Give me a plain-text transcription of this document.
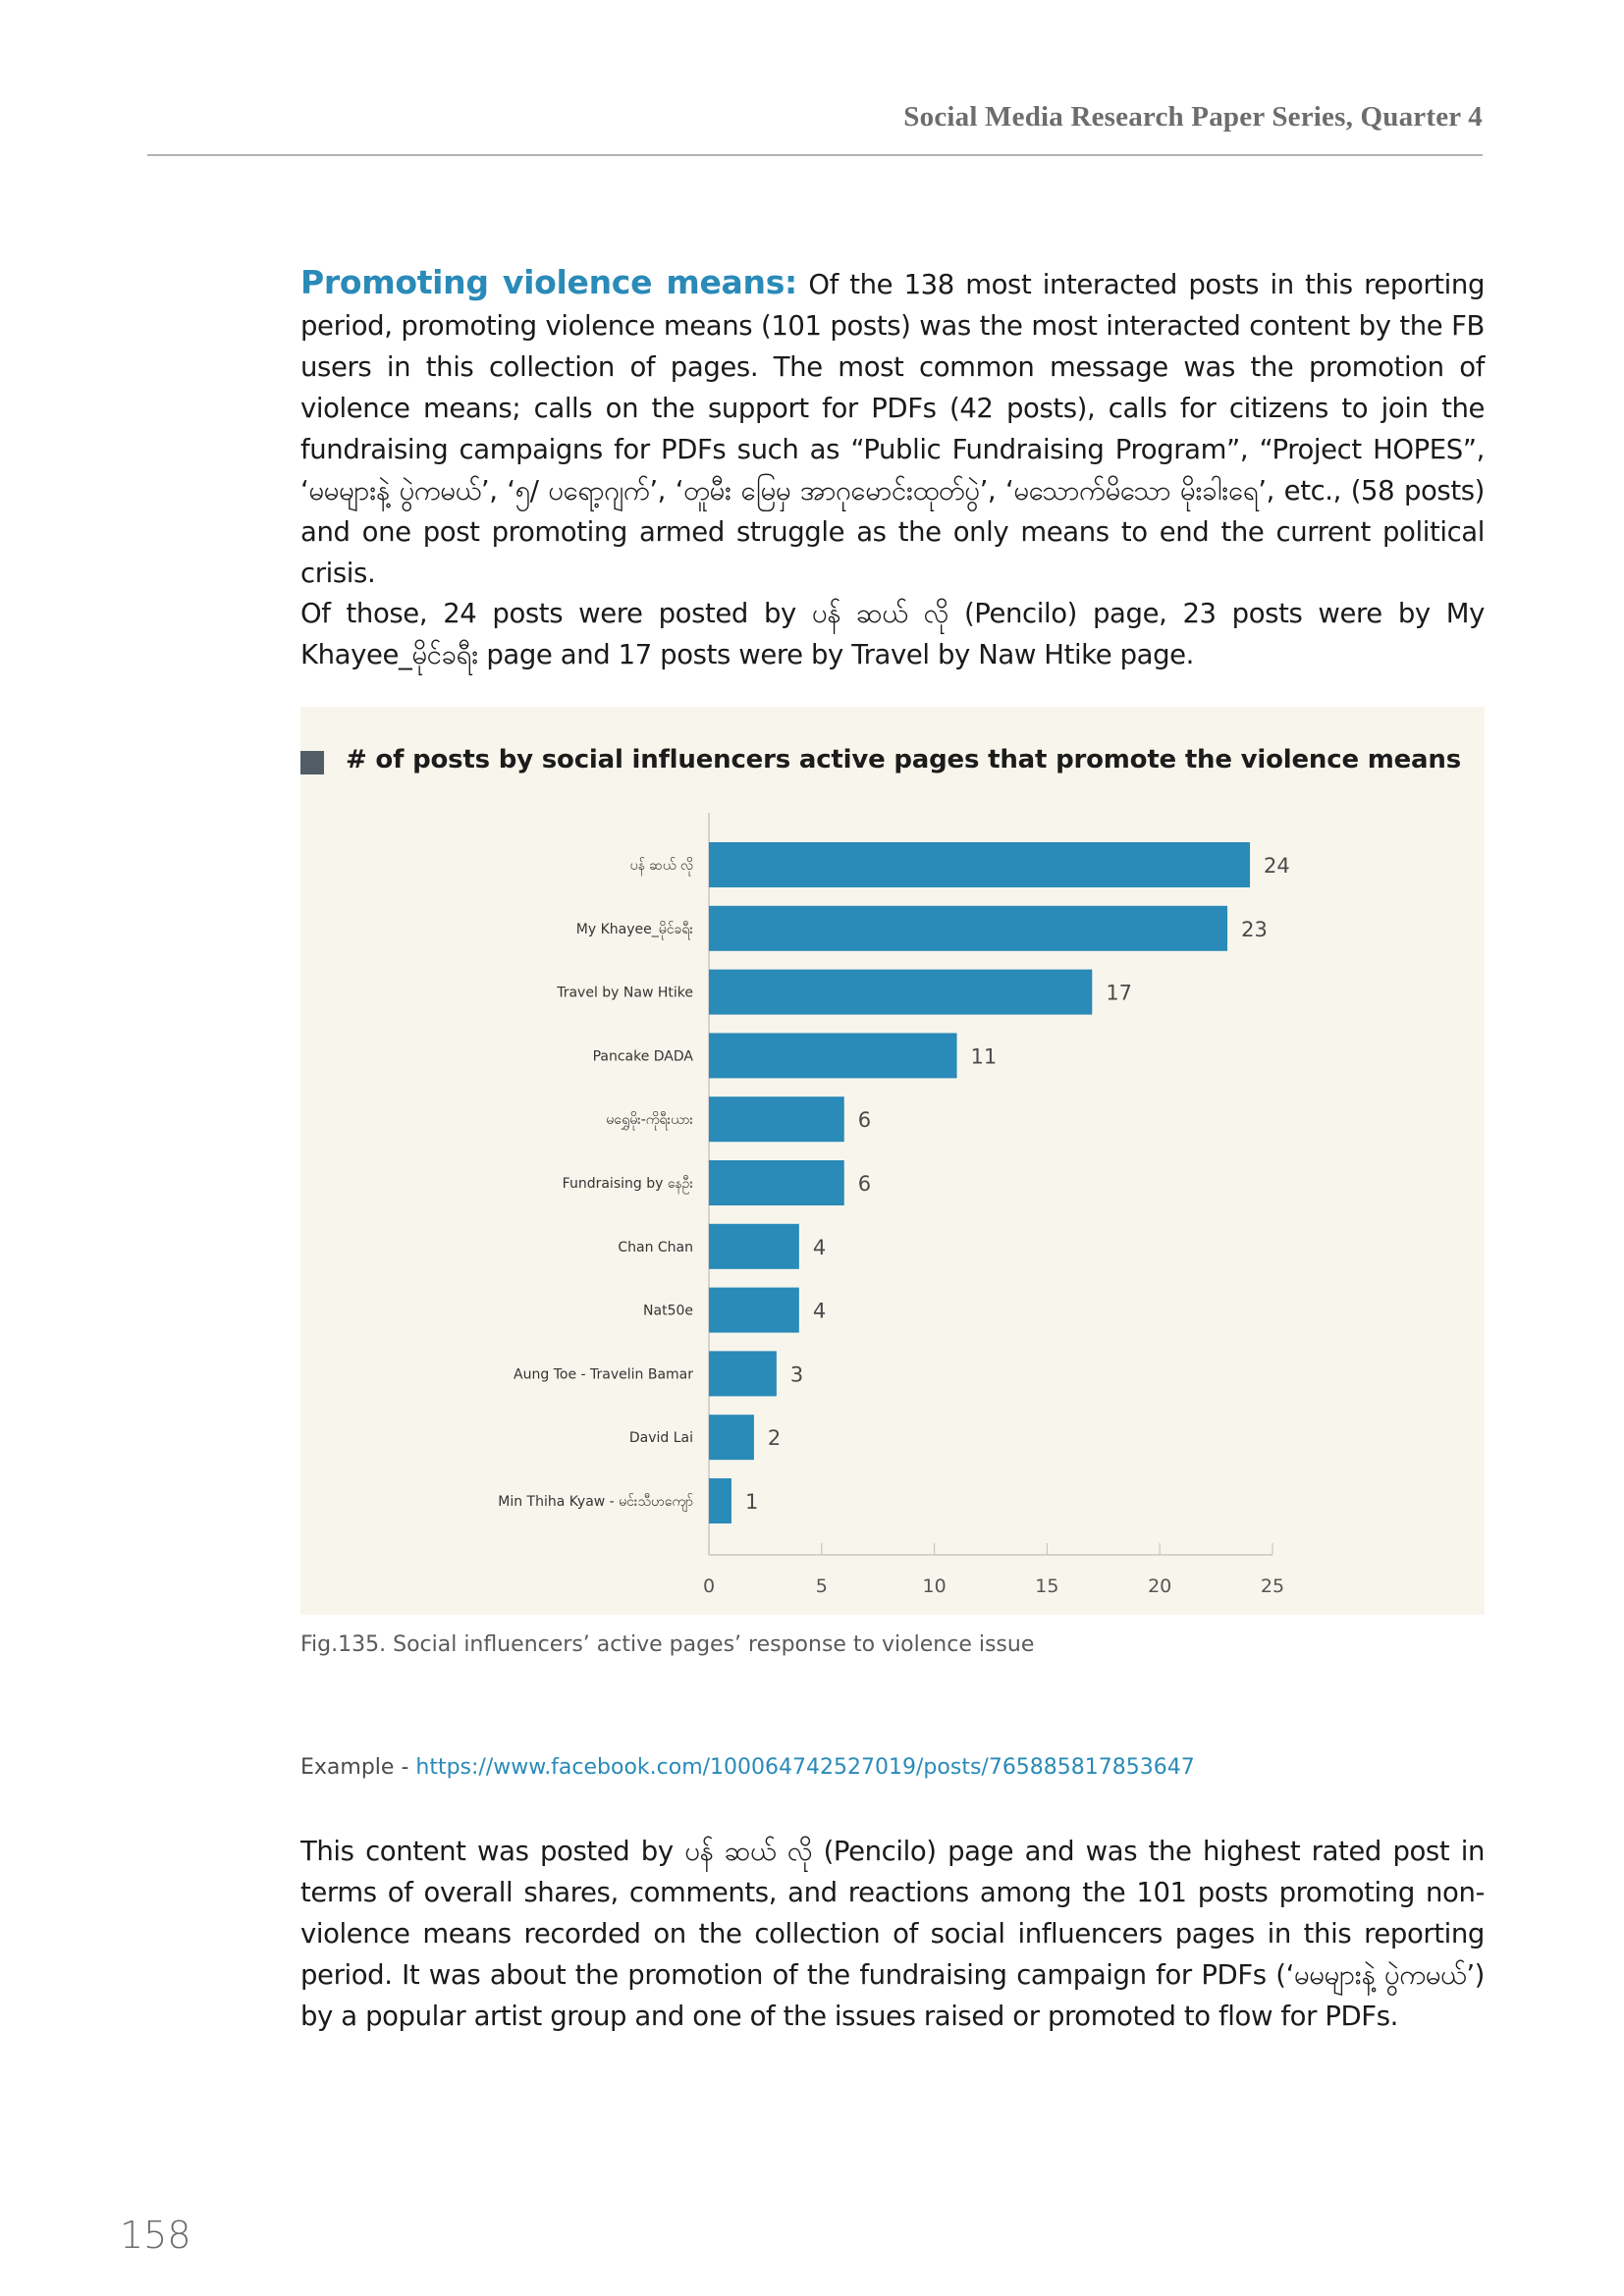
Social Media Research Paper Series, Quarter 4

Promoting violence means: Of the 138 most interacted posts in this reporting period, promoting violence means (101 posts) was the most interacted content by the FB users in this collection of pages. The most common message was the promotion of violence means; calls on the support for PDFs (42 posts), calls for citizens to join the fundraising campaigns for PDFs such as “Public Fundraising Program”, “Project HOPES”, ‘မမများနဲ့ ပွဲကမယ်’, ‘၅/ ပရော့ဂျက်’, ‘တူမီး မြေမှ အာဂုမောင်းထုတ်ပွဲ’, ‘မသောက်မိသော မိုးခါးရေ’, etc., (58 posts) and one post promoting armed struggle as the only means to end the current political crisis.

Of those, 24 posts were posted by ပန် ဆယ် လို (Pencilo) page, 23 posts were by My Khayee_မိုင်ခရီး page and 17 posts were by Travel by Naw Htike page.

# of posts by social influencers active pages that promote the violence means
ပန် ဆယ် လို	24
My Khayee_မိုင်ခရီး	23
Travel by Naw Htike	17
Pancake DADA	11
မရွှေမိုး-ကိုရီးယား	6
Fundraising by နေဦး	6
Chan Chan	4
Nat50e	4
Aung Toe - Travelin Bamar	3
David Lai	2
Min Thiha Kyaw - မင်းသီဟကျော်	1
0	5	10	15	20	25
Fig.135. Social influencers’ active pages’ response to violence issue
Example - https://www.facebook.com/100064742527019/posts/765885817853647

This content was posted by ပန် ဆယ် လို (Pencilo) page and was the highest rated post in terms of overall shares, comments, and reactions among the 101 posts promoting non-violence means recorded on the collection of social influencers pages in this reporting period. It was about the promotion of the fundraising campaign for PDFs (‘မမများနဲ့ ပွဲကမယ်’) by a popular artist group and one of the issues raised or promoted to flow for PDFs.

158
